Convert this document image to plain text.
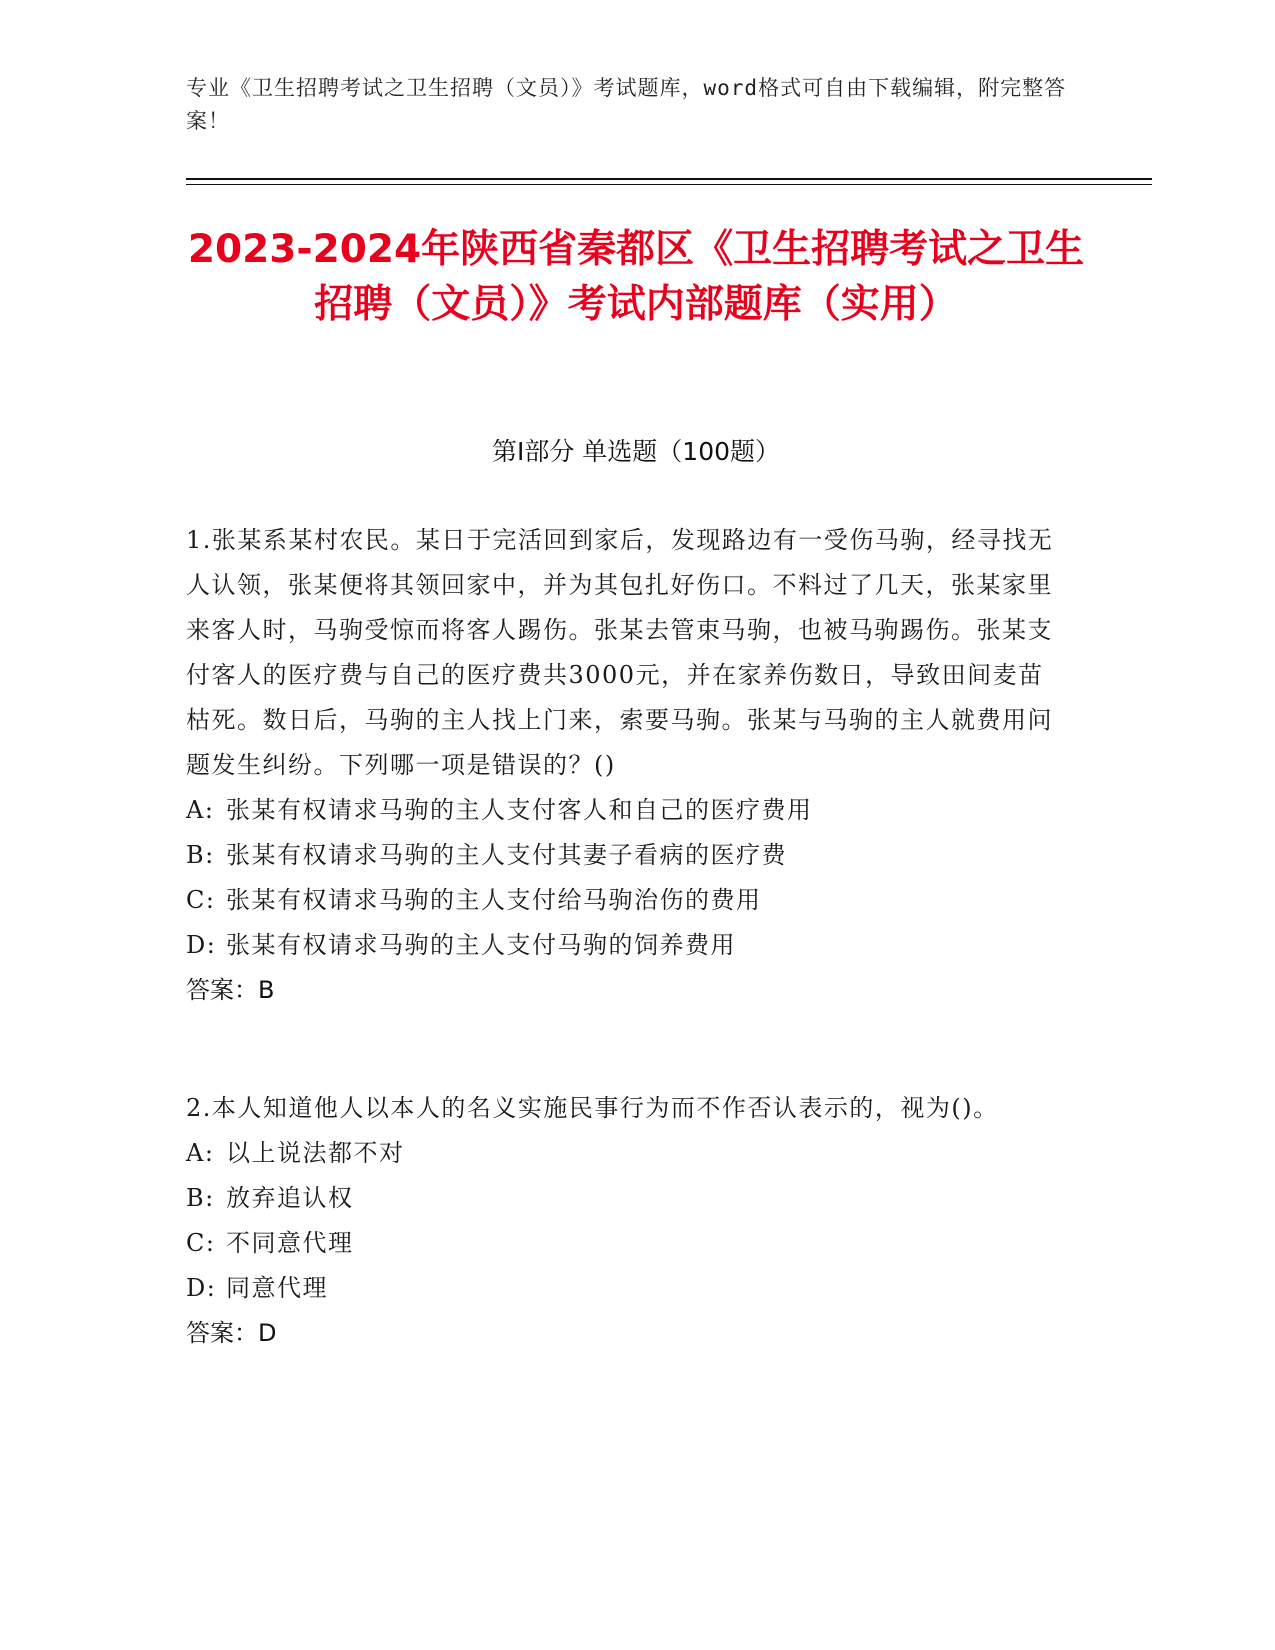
专业《卫生招聘考试之卫生招聘（文员）》考试题库，word格式可自由下载编辑，附完整答案！
2023-2024年陕西省秦都区《卫生招聘考试之卫生招聘（文员）》考试内部题库（实用）
第Ⅰ部分 单选题（100题）

1.张某系某村农民。某日于完活回到家后，发现路边有一受伤马驹，经寻找无人认领，张某便将其领回家中，并为其包扎好伤口。不料过了几天，张某家里来客人时，马驹受惊而将客人踢伤。张某去管束马驹，也被马驹踢伤。张某支付客人的医疗费与自己的医疗费共3000元，并在家养伤数日，导致田间麦苗枯死。数日后，马驹的主人找上门来，索要马驹。张某与马驹的主人就费用问题发生纠纷。下列哪一项是错误的？()

A: 张某有权请求马驹的主人支付客人和自己的医疗费用

B: 张某有权请求马驹的主人支付其妻子看病的医疗费

C: 张某有权请求马驹的主人支付给马驹治伤的费用

D: 张某有权请求马驹的主人支付马驹的饲养费用

答案：B

2.本人知道他人以本人的名义实施民事行为而不作否认表示的，视为()。

A: 以上说法都不对

B: 放弃追认权

C: 不同意代理

D: 同意代理

答案：D
